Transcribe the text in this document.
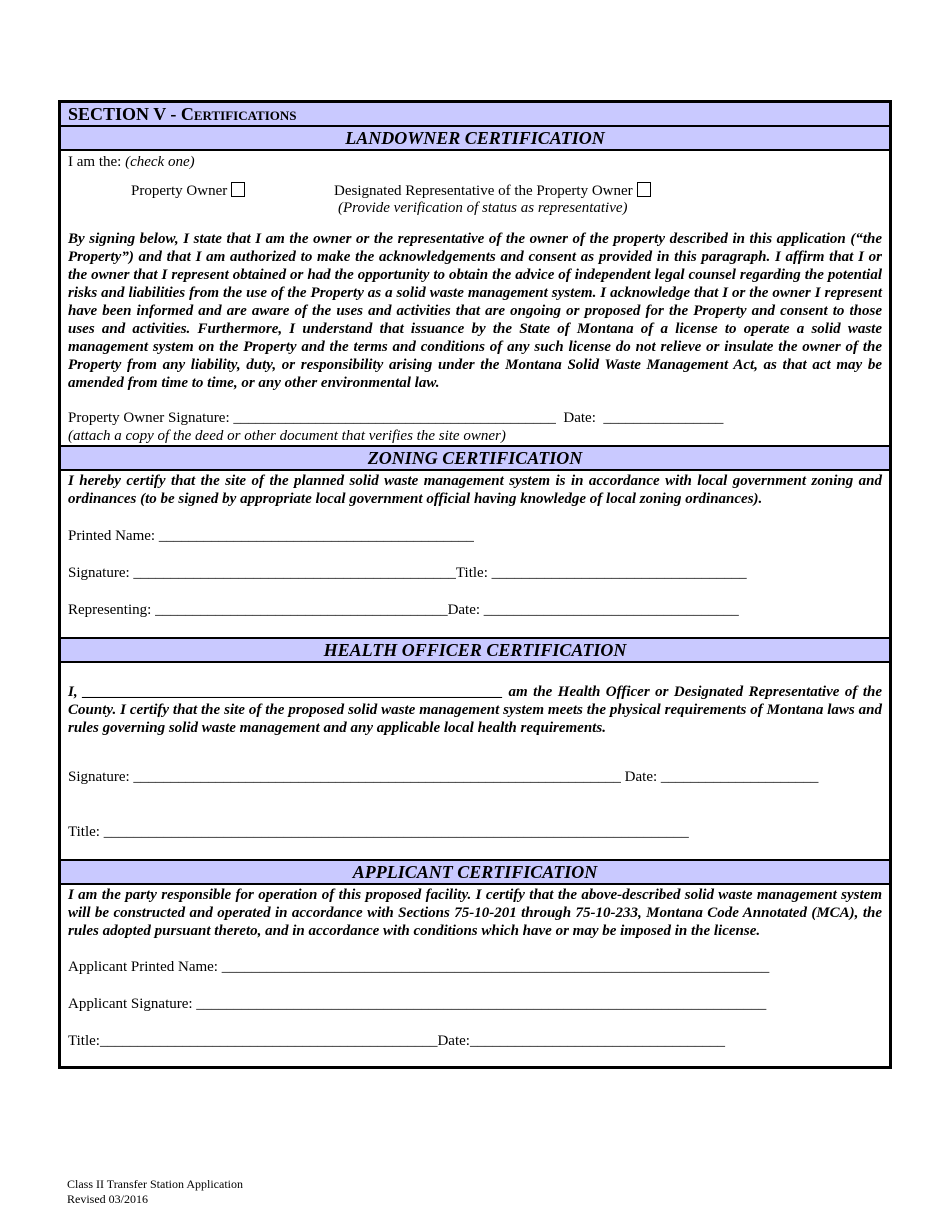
SECTION V - Certifications
LANDOWNER CERTIFICATION
I am the: (check one)
Property Owner	Designated Representative of the Property Owner
(Provide verification of status as representative)
By signing below, I state that I am the owner or the representative of the owner of the property described in this application (“the Property”) and that I am authorized to make the acknowledgements and consent as provided in this paragraph. I affirm that I or the owner that I represent obtained or had the opportunity to obtain the advice of independent legal counsel regarding the potential risks and liabilities from the use of the Property as a solid waste management system. I acknowledge that I or the owner I represent have been informed and are aware of the uses and activities that are ongoing or proposed for the Property and consent to those uses and activities. Furthermore, I understand that issuance by the State of Montana of a license to operate a solid waste management system on the Property and the terms and conditions of any such license do not relieve or insulate the owner of the Property from any liability, duty, or responsibility arising under the Montana Solid Waste Management Act, as that act may be amended from time to time, or any other environmental law.
Property Owner Signature: ___________________________________________  Date:  ________________
(attach a copy of the deed or other document that verifies the site owner)
ZONING CERTIFICATION
I hereby certify that the site of the planned solid waste management system is in accordance with local government zoning and ordinances (to be signed by appropriate local government official having knowledge of local zoning ordinances).
Printed Name: __________________________________________
Signature: ___________________________________________Title: __________________________________
Representing: _______________________________________Date: __________________________________
HEALTH OFFICER CERTIFICATION
I, ________________________________________________________ am the Health Officer or Designated Representative of the County. I certify that the site of the proposed solid waste management system meets the physical requirements of Montana laws and rules governing solid waste management and any applicable local health requirements.
Signature: _________________________________________________________________ Date: _____________________
Title: ______________________________________________________________________________
APPLICANT CERTIFICATION
I am the party responsible for operation of this proposed facility. I certify that the above-described solid waste management system will be constructed and operated in accordance with Sections 75-10-201 through 75-10-233, Montana Code Annotated (MCA), the rules adopted pursuant thereto, and in accordance with conditions which have or may be imposed in the license.
Applicant Printed Name: _________________________________________________________________________
Applicant Signature: ____________________________________________________________________________
Title:_____________________________________________Date:__________________________________
Class II Transfer Station Application
Revised 03/2016
